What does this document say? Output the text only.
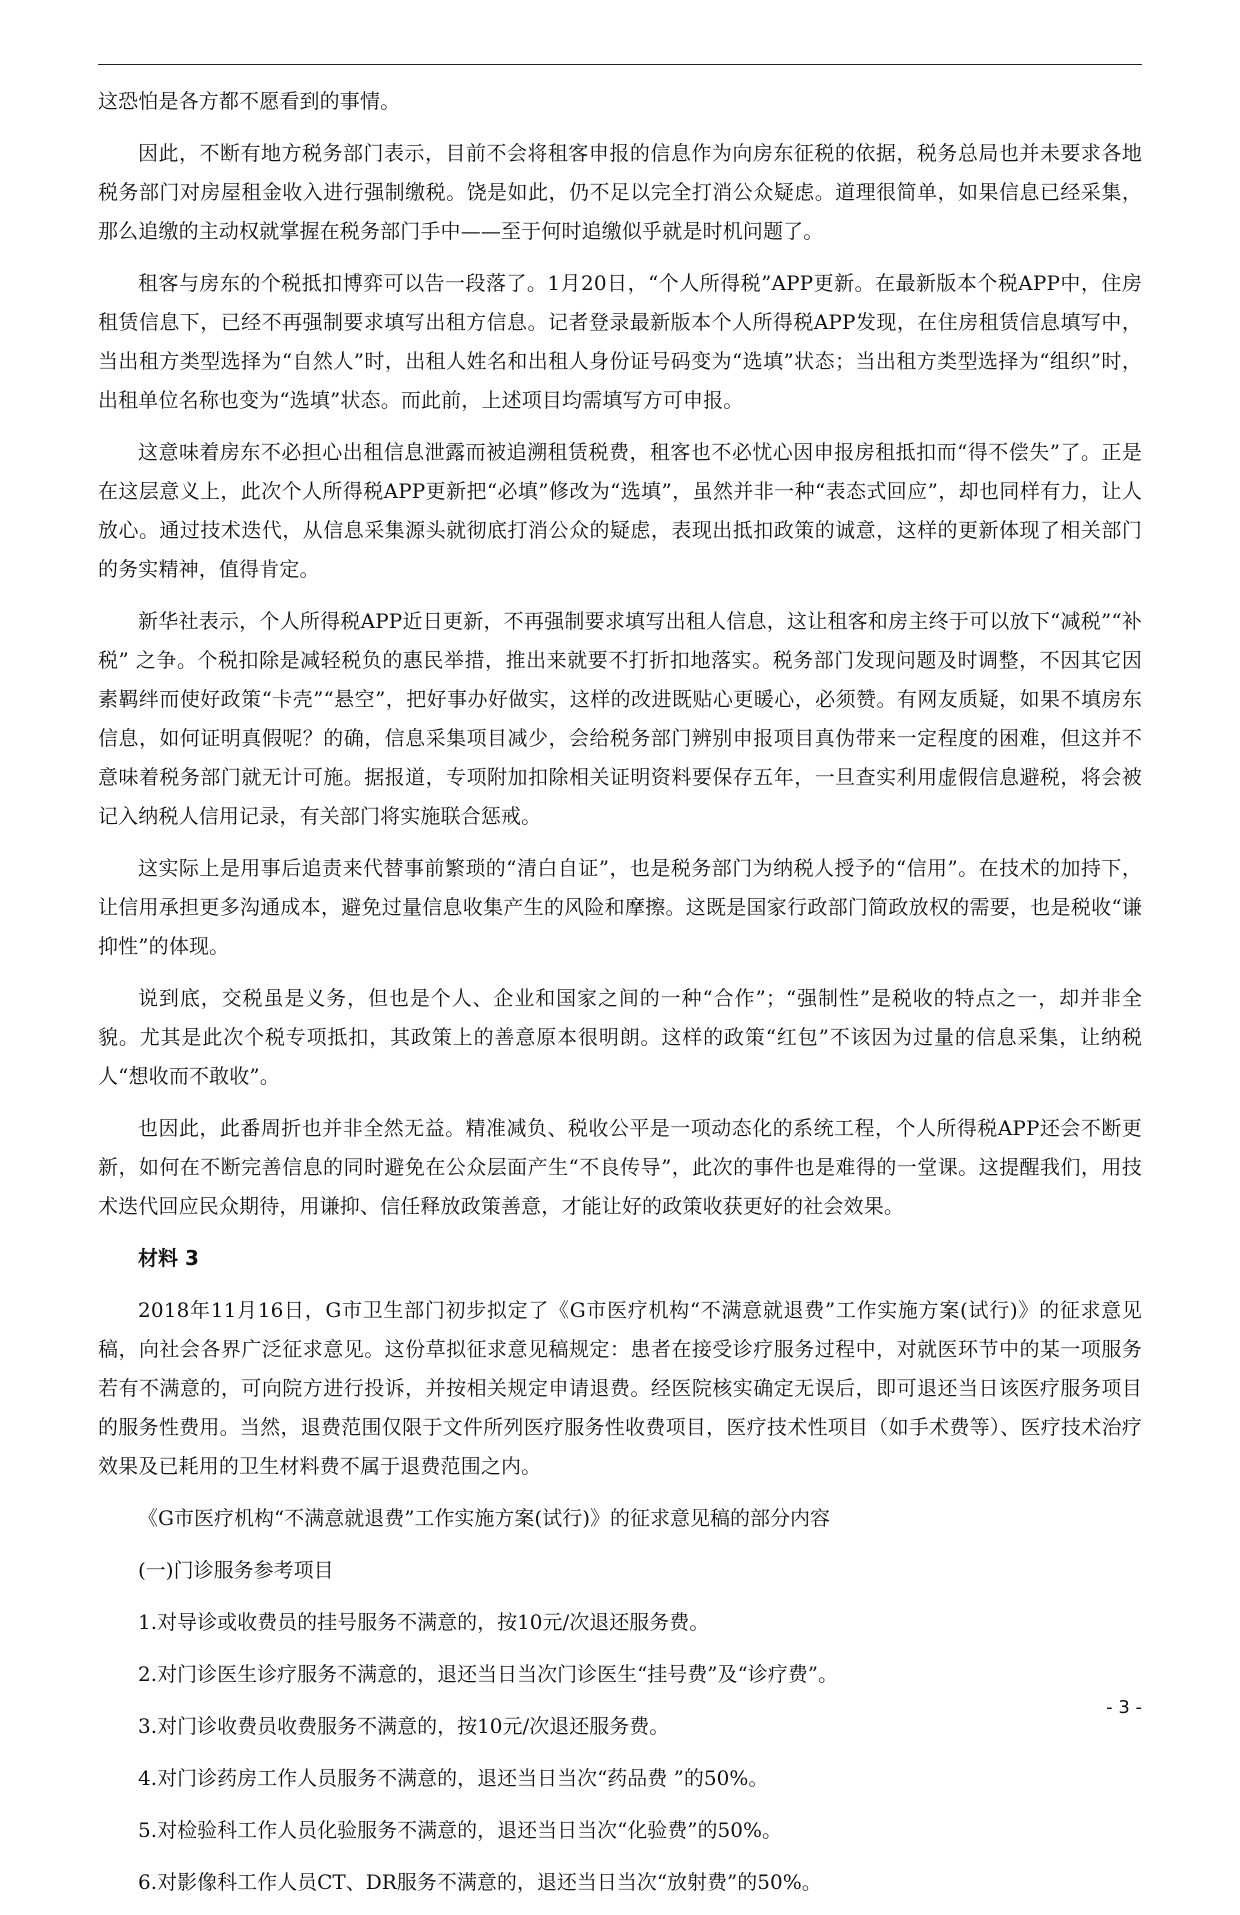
这恐怕是各方都不愿看到的事情。

因此，不断有地方税务部门表示，目前不会将租客申报的信息作为向房东征税的依据，税务总局也并未要求各地税务部门对房屋租金收入进行强制缴税。饶是如此，仍不足以完全打消公众疑虑。道理很简单，如果信息已经采集，那么追缴的主动权就掌握在税务部门手中——至于何时追缴似乎就是时机问题了。

租客与房东的个税抵扣博弈可以告一段落了。1月20日，“个人所得税”APP更新。在最新版本个税APP中，住房租赁信息下，已经不再强制要求填写出租方信息。记者登录最新版本个人所得税APP发现，在住房租赁信息填写中，当出租方类型选择为“自然人”时，出租人姓名和出租人身份证号码变为“选填”状态；当出租方类型选择为“组织”时，出租单位名称也变为“选填”状态。而此前，上述项目均需填写方可申报。

这意味着房东不必担心出租信息泄露而被追溯租赁税费，租客也不必忧心因申报房租抵扣而“得不偿失”了。正是在这层意义上，此次个人所得税APP更新把“必填”修改为“选填”，虽然并非一种“表态式回应”，却也同样有力，让人放心。通过技术迭代，从信息采集源头就彻底打消公众的疑虑，表现出抵扣政策的诚意，这样的更新体现了相关部门的务实精神，值得肯定。

新华社表示，个人所得税APP近日更新，不再强制要求填写出租人信息，这让租客和房主终于可以放下“减税”“补税” 之争。个税扣除是减轻税负的惠民举措，推出来就要不打折扣地落实。税务部门发现问题及时调整，不因其它因素羁绊而使好政策“卡壳”“悬空”，把好事办好做实，这样的改进既贴心更暖心，必须赞。有网友质疑，如果不填房东信息，如何证明真假呢？的确，信息采集项目减少，会给税务部门辨别申报项目真伪带来一定程度的困难，但这并不意味着税务部门就无计可施。据报道，专项附加扣除相关证明资料要保存五年，一旦查实利用虚假信息避税，将会被记入纳税人信用记录，有关部门将实施联合惩戒。

这实际上是用事后追责来代替事前繁琐的“清白自证”，也是税务部门为纳税人授予的“信用”。在技术的加持下，让信用承担更多沟通成本，避免过量信息收集产生的风险和摩擦。这既是国家行政部门简政放权的需要，也是税收“谦抑性”的体现。

说到底，交税虽是义务，但也是个人、企业和国家之间的一种“合作”；“强制性”是税收的特点之一，却并非全貌。尤其是此次个税专项抵扣，其政策上的善意原本很明朗。这样的政策“红包”不该因为过量的信息采集，让纳税人“想收而不敢收”。

也因此，此番周折也并非全然无益。精准减负、税收公平是一项动态化的系统工程，个人所得税APP还会不断更新，如何在不断完善信息的同时避免在公众层面产生“不良传导”，此次的事件也是难得的一堂课。这提醒我们，用技术迭代回应民众期待，用谦抑、信任释放政策善意，才能让好的政策收获更好的社会效果。

材料 3

2018年11月16日，G市卫生部门初步拟定了《G市医疗机构“不满意就退费”工作实施方案(试行)》的征求意见稿，向社会各界广泛征求意见。这份草拟征求意见稿规定：患者在接受诊疗服务过程中，对就医环节中的某一项服务若有不满意的，可向院方进行投诉，并按相关规定申请退费。经医院核实确定无误后，即可退还当日该医疗服务项目的服务性费用。当然，退费范围仅限于文件所列医疗服务性收费项目，医疗技术性项目（如手术费等）、医疗技术治疗效果及已耗用的卫生材料费不属于退费范围之内。

《G市医疗机构“不满意就退费”工作实施方案(试行)》的征求意见稿的部分内容
(一)门诊服务参考项目
1.对导诊或收费员的挂号服务不满意的，按10元/次退还服务费。
2.对门诊医生诊疗服务不满意的，退还当日当次门诊医生“挂号费”及“诊疗费”。
3.对门诊收费员收费服务不满意的，按10元/次退还服务费。
4.对门诊药房工作人员服务不满意的，退还当日当次“药品费 ”的50%。
5.对检验科工作人员化验服务不满意的，退还当日当次“化验费”的50%。
6.对影像科工作人员CT、DR服务不满意的，退还当日当次“放射费”的50%。
- 3 -
